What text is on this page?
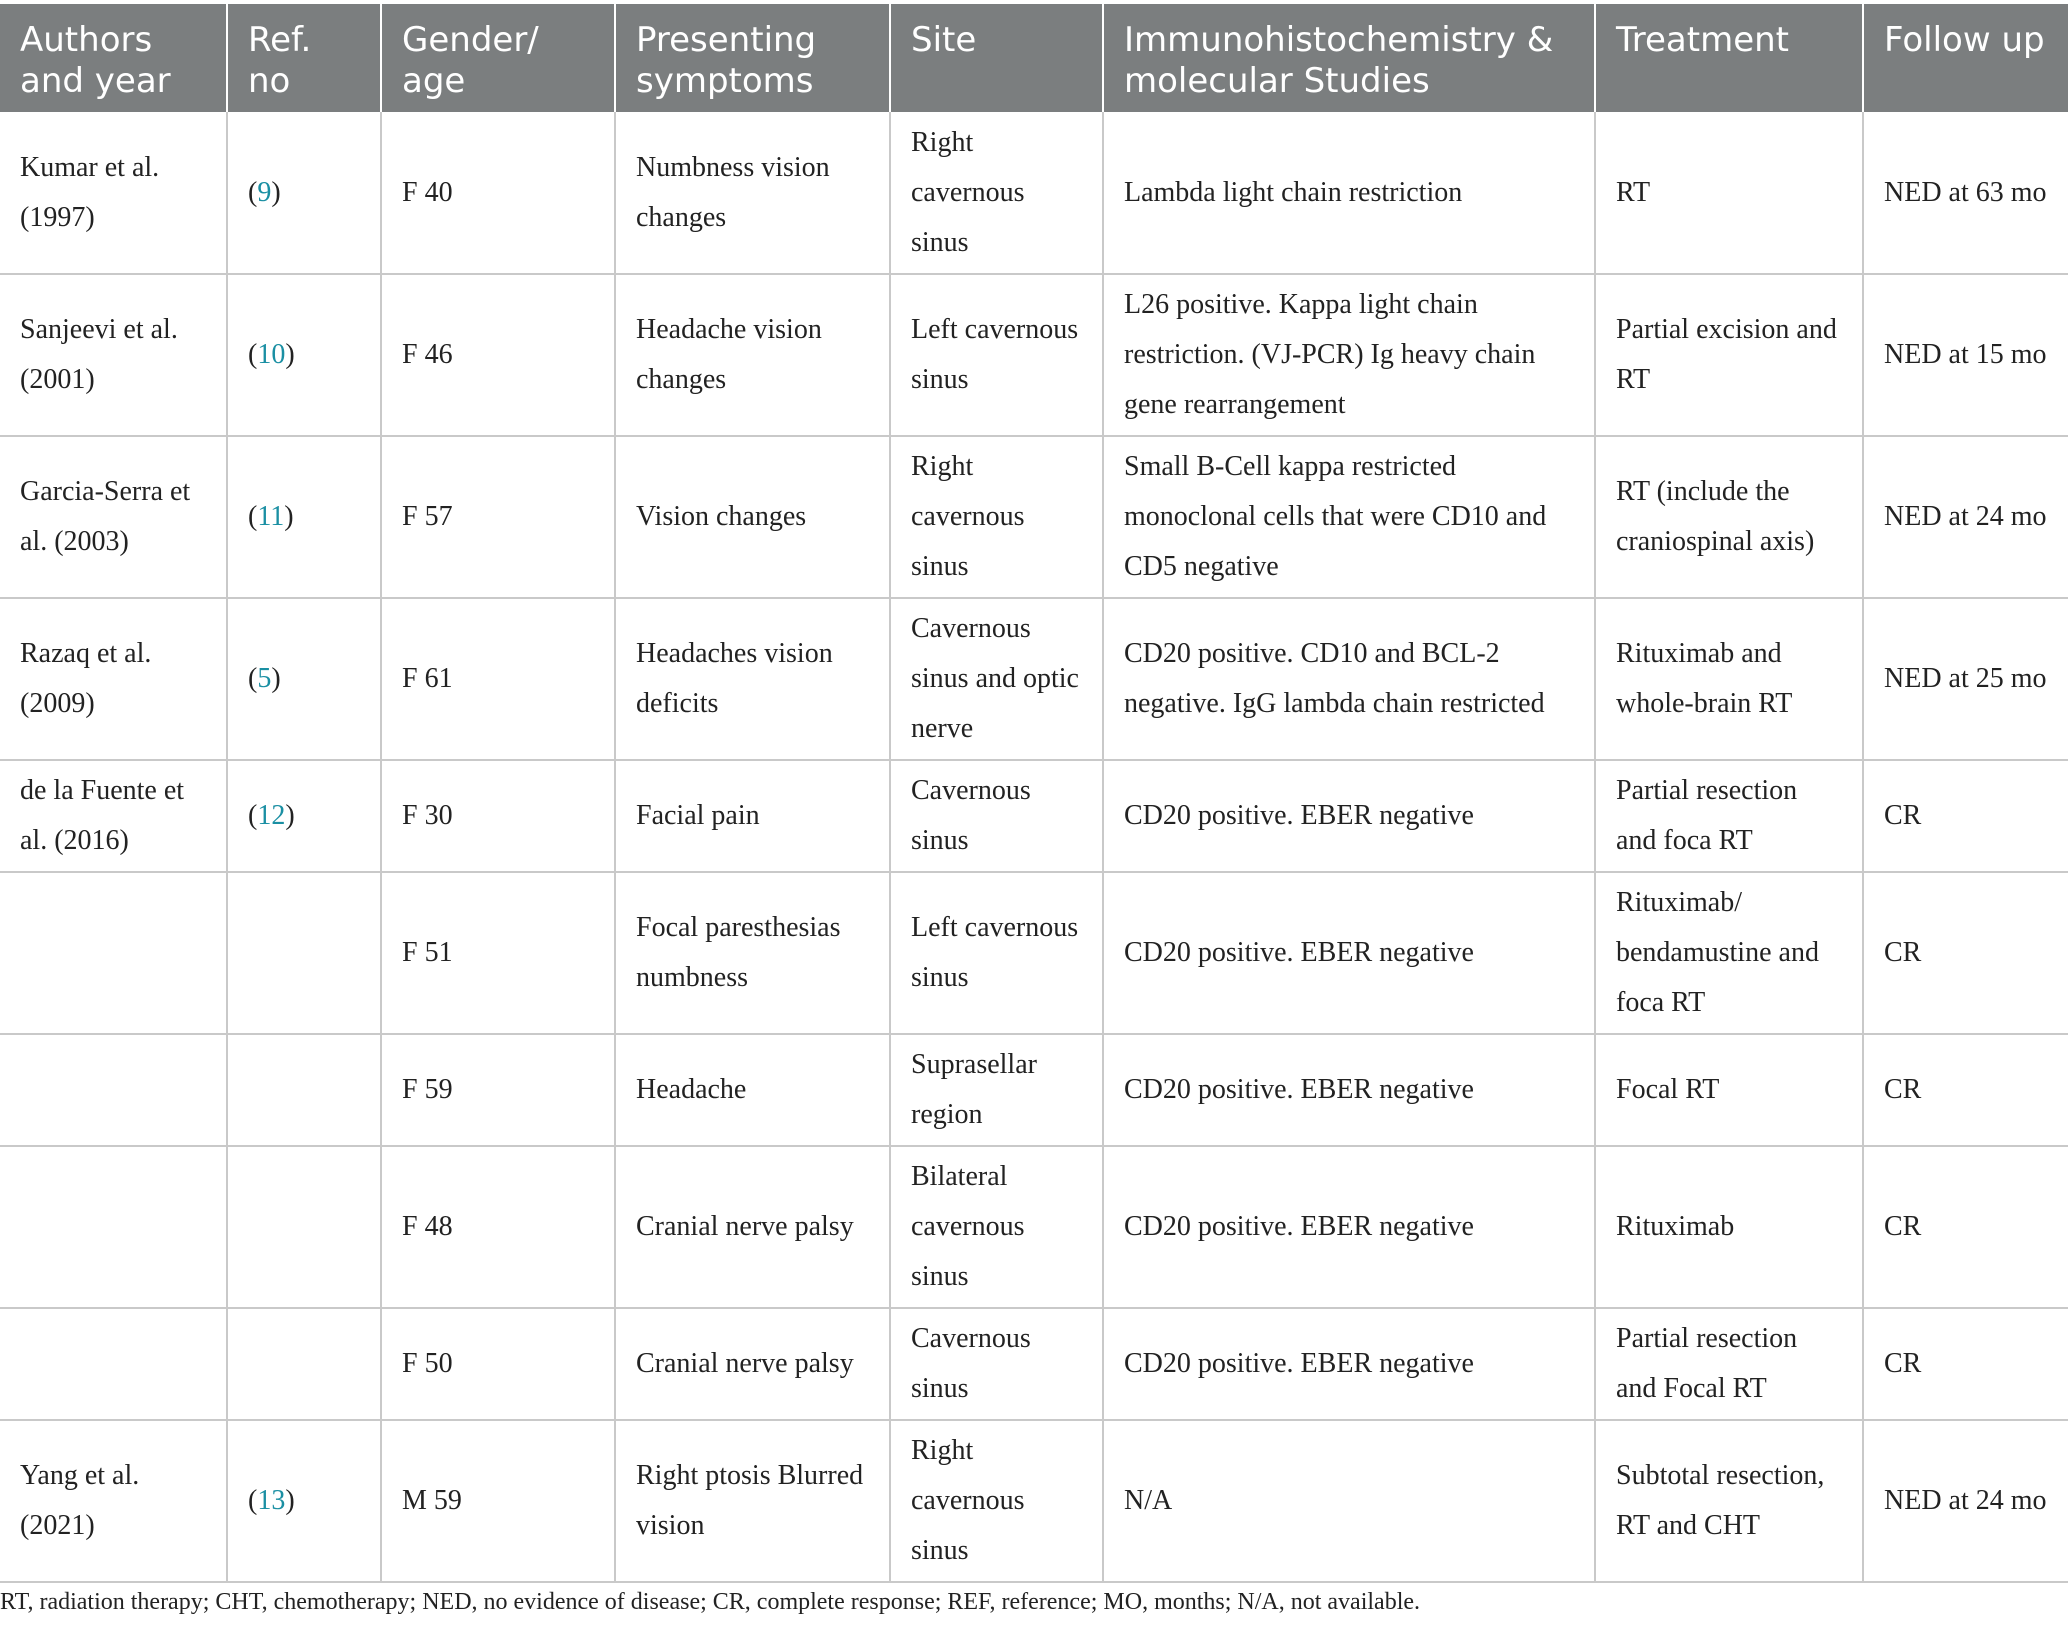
Authors and year	Ref. no	Gender/ age	Presenting symptoms	Site	Immunohistochemistry & molecular Studies	Treatment	Follow up
Kumar et al. (1997)	(9)	F 40	Numbness vision changes	Right cavernous sinus	Lambda light chain restriction	RT	NED at 63 mo
Sanjeevi et al. (2001)	(10)	F 46	Headache vision changes	Left cavernous sinus	L26 positive. Kappa light chain restriction. (VJ-PCR) Ig heavy chain gene rearrangement	Partial excision and RT	NED at 15 mo
Garcia-Serra et al. (2003)	(11)	F 57	Vision changes	Right cavernous sinus	Small B-Cell kappa restricted monoclonal cells that were CD10 and CD5 negative	RT (include the craniospinal axis)	NED at 24 mo
Razaq et al. (2009)	(5)	F 61	Headaches vision deficits	Cavernous sinus and optic nerve	CD20 positive. CD10 and BCL-2 negative. IgG lambda chain restricted	Rituximab and whole-brain RT	NED at 25 mo
de la Fuente et al. (2016)	(12)	F 30	Facial pain	Cavernous sinus	CD20 positive. EBER negative	Partial resection and foca RT	CR
		F 51	Focal paresthesias numbness	Left cavernous sinus	CD20 positive. EBER negative	Rituximab/ bendamustine and foca RT	CR
		F 59	Headache	Suprasellar region	CD20 positive. EBER negative	Focal RT	CR
		F 48	Cranial nerve palsy	Bilateral cavernous sinus	CD20 positive. EBER negative	Rituximab	CR
		F 50	Cranial nerve palsy	Cavernous sinus	CD20 positive. EBER negative	Partial resection and Focal RT	CR
Yang et al. (2021)	(13)	M 59	Right ptosis Blurred vision	Right cavernous sinus	N/A	Subtotal resection, RT and CHT	NED at 24 mo
RT, radiation therapy; CHT, chemotherapy; NED, no evidence of disease; CR, complete response; REF, reference; MO, months; N/A, not available.
